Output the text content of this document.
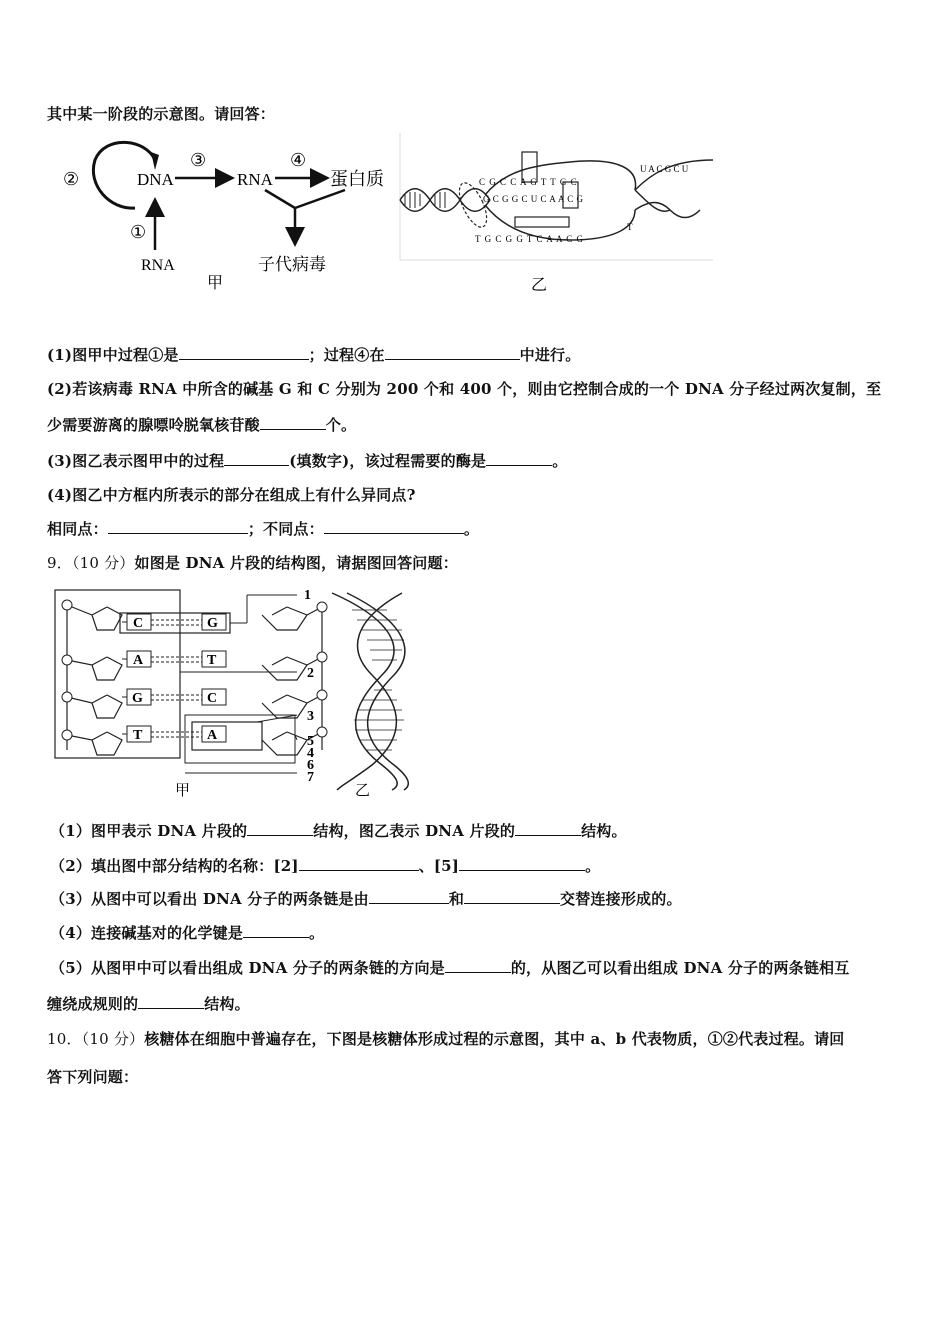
其中某一阶段的示意图。请回答：
②	DNA
③
RNA
④
蛋白质
①
RNA	子代病毒
甲
C G C C A G T T G C
G C G G C U C A A C G
T G C G G T C A A C G
U A C G C U
T
乙
(1)图甲中过程①是	；过程④在	中进行。
(2)若该病毒 RNA 中所含的碱基 G 和 C 分别为 200 个和 400 个，则由它控制合成的一个 DNA 分子经过两次复制，至
少需要游离的腺嘌呤脱氧核苷酸	个。
(3)图乙表示图甲中的过程	(填数字)，该过程需要的酶是	。
(4)图乙中方框内所表示的部分在组成上有什么异同点?
相同点：	；不同点：	。
9．（10 分）如图是 DNA 片段的结构图，请据图回答问题：
C	G
A	T
G	C
T	A
1
2
3
5
4
6
7
甲	乙
（1）图甲表示 DNA 片段的	结构，图乙表示 DNA 片段的	结构。
（2）填出图中部分结构的名称：[2]	、[5]	。
（3）从图中可以看出 DNA 分子的两条链是由	和	交替连接形成的。
（4）连接碱基对的化学键是	。
（5）从图甲中可以看出组成 DNA 分子的两条链的方向是	的，从图乙可以看出组成 DNA 分子的两条链相互
缠绕成规则的	结构。
10．（10 分）核糖体在细胞中普遍存在，下图是核糖体形成过程的示意图，其中 a、b 代表物质，①②代表过程。请回
答下列问题：
